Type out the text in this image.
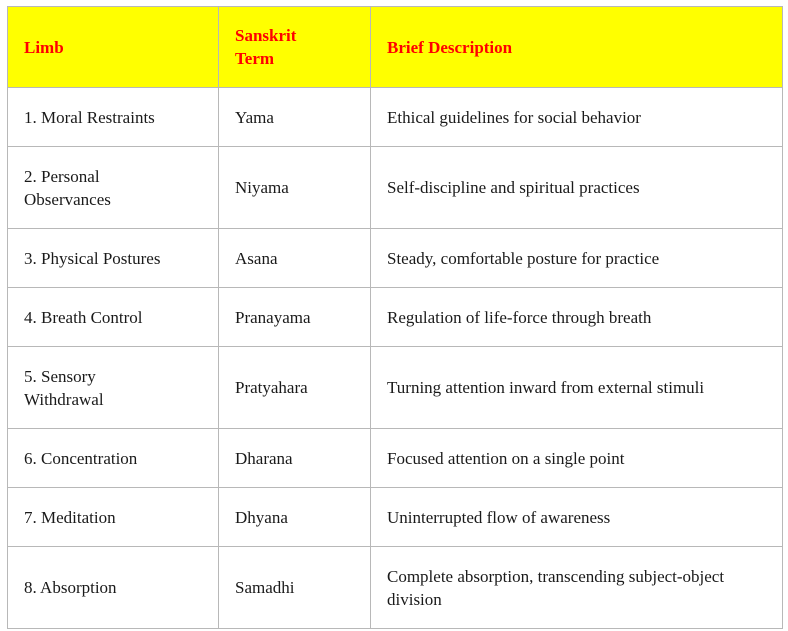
Limb	Sanskrit Term	Brief Description
1. Moral Restraints	Yama	Ethical guidelines for social behavior
2. Personal Observances	Niyama	Self-discipline and spiritual practices
3. Physical Postures	Asana	Steady, comfortable posture for practice
4. Breath Control	Pranayama	Regulation of life-force through breath
5. Sensory Withdrawal	Pratyahara	Turning attention inward from external stimuli
6. Concentration	Dharana	Focused attention on a single point
7. Meditation	Dhyana	Uninterrupted flow of awareness
8. Absorption	Samadhi	Complete absorption, transcending subject-object division
